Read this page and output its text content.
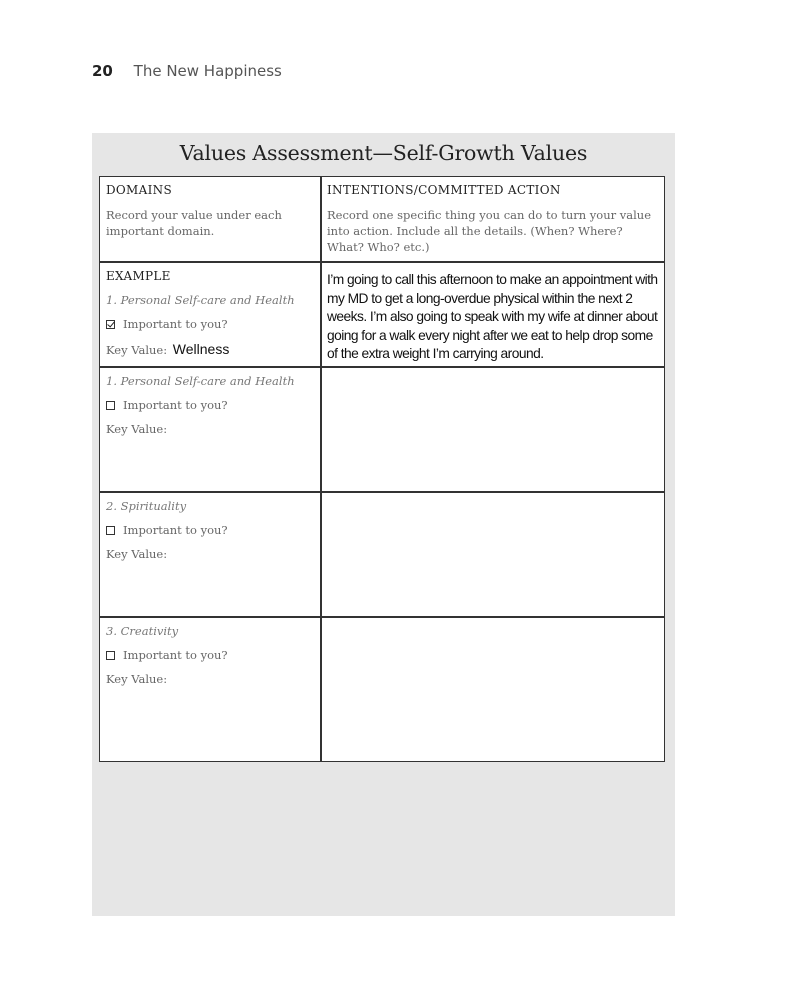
20 The New Happiness
Values Assessment—Self-Growth Values
DOMAINS
Record your value under each important domain.
INTENTIONS/COMMITTED ACTION
Record one specific thing you can do to turn your value into action. Include all the details. (When? Where? What? Who? etc.)
EXAMPLE
1. Personal Self-care and Health
Important to you?
Key Value: Wellness
I’m going to call this afternoon to make an appointment with my MD to get a long-overdue physical within the next 2 weeks. I’m also going to speak with my wife at dinner about going for a walk every night after we eat to help drop some of the extra weight I’m carrying around.
1. Personal Self-care and Health
Important to you?
Key Value:
2. Spirituality
Important to you?
Key Value:
3. Creativity
Important to you?
Key Value:
